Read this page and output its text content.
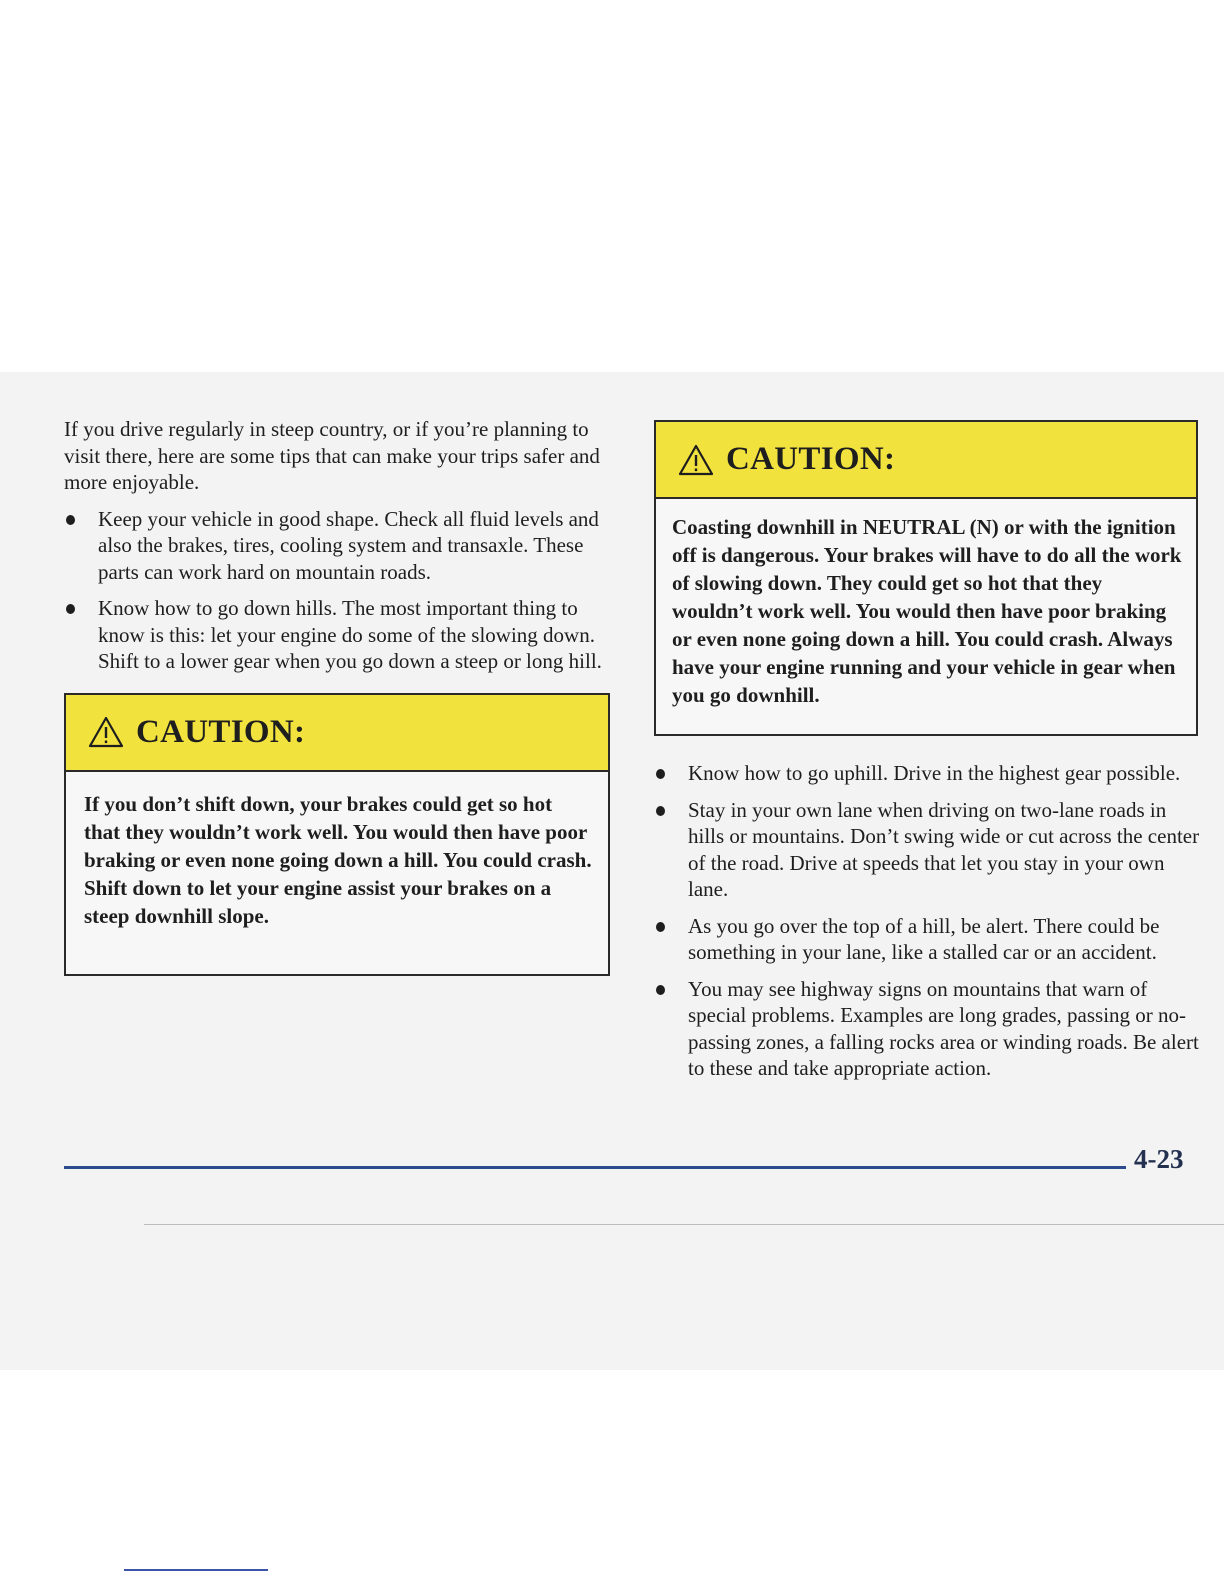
If you drive regularly in steep country, or if you’re planning to visit there, here are some tips that can make your trips safer and more enjoyable.

Keep your vehicle in good shape. Check all fluid levels and also the brakes, tires, cooling system and transaxle. These parts can work hard on mountain roads.
Know how to go down hills. The most important thing to know is this: let your engine do some of the slowing down. Shift to a lower gear when you go down a steep or long hill.
CAUTION:
If you don’t shift down, your brakes could get so hot that they wouldn’t work well. You would then have poor braking or even none going down a hill. You could crash. Shift down to let your engine assist your brakes on a steep downhill slope.
CAUTION:
Coasting downhill in NEUTRAL (N) or with the ignition off is dangerous. Your brakes will have to do all the work of slowing down. They could get so hot that they wouldn’t work well. You would then have poor braking or even none going down a hill. You could crash. Always have your engine running and your vehicle in gear when you go downhill.
Know how to go uphill. Drive in the highest gear possible.
Stay in your own lane when driving on two-lane roads in hills or mountains. Don’t swing wide or cut across the center of the road. Drive at speeds that let you stay in your own lane.
As you go over the top of a hill, be alert. There could be something in your lane, like a stalled car or an accident.
You may see highway signs on mountains that warn of special problems. Examples are long grades, passing or no-passing zones, a falling rocks area or winding roads. Be alert to these and take appropriate action.
4-23
